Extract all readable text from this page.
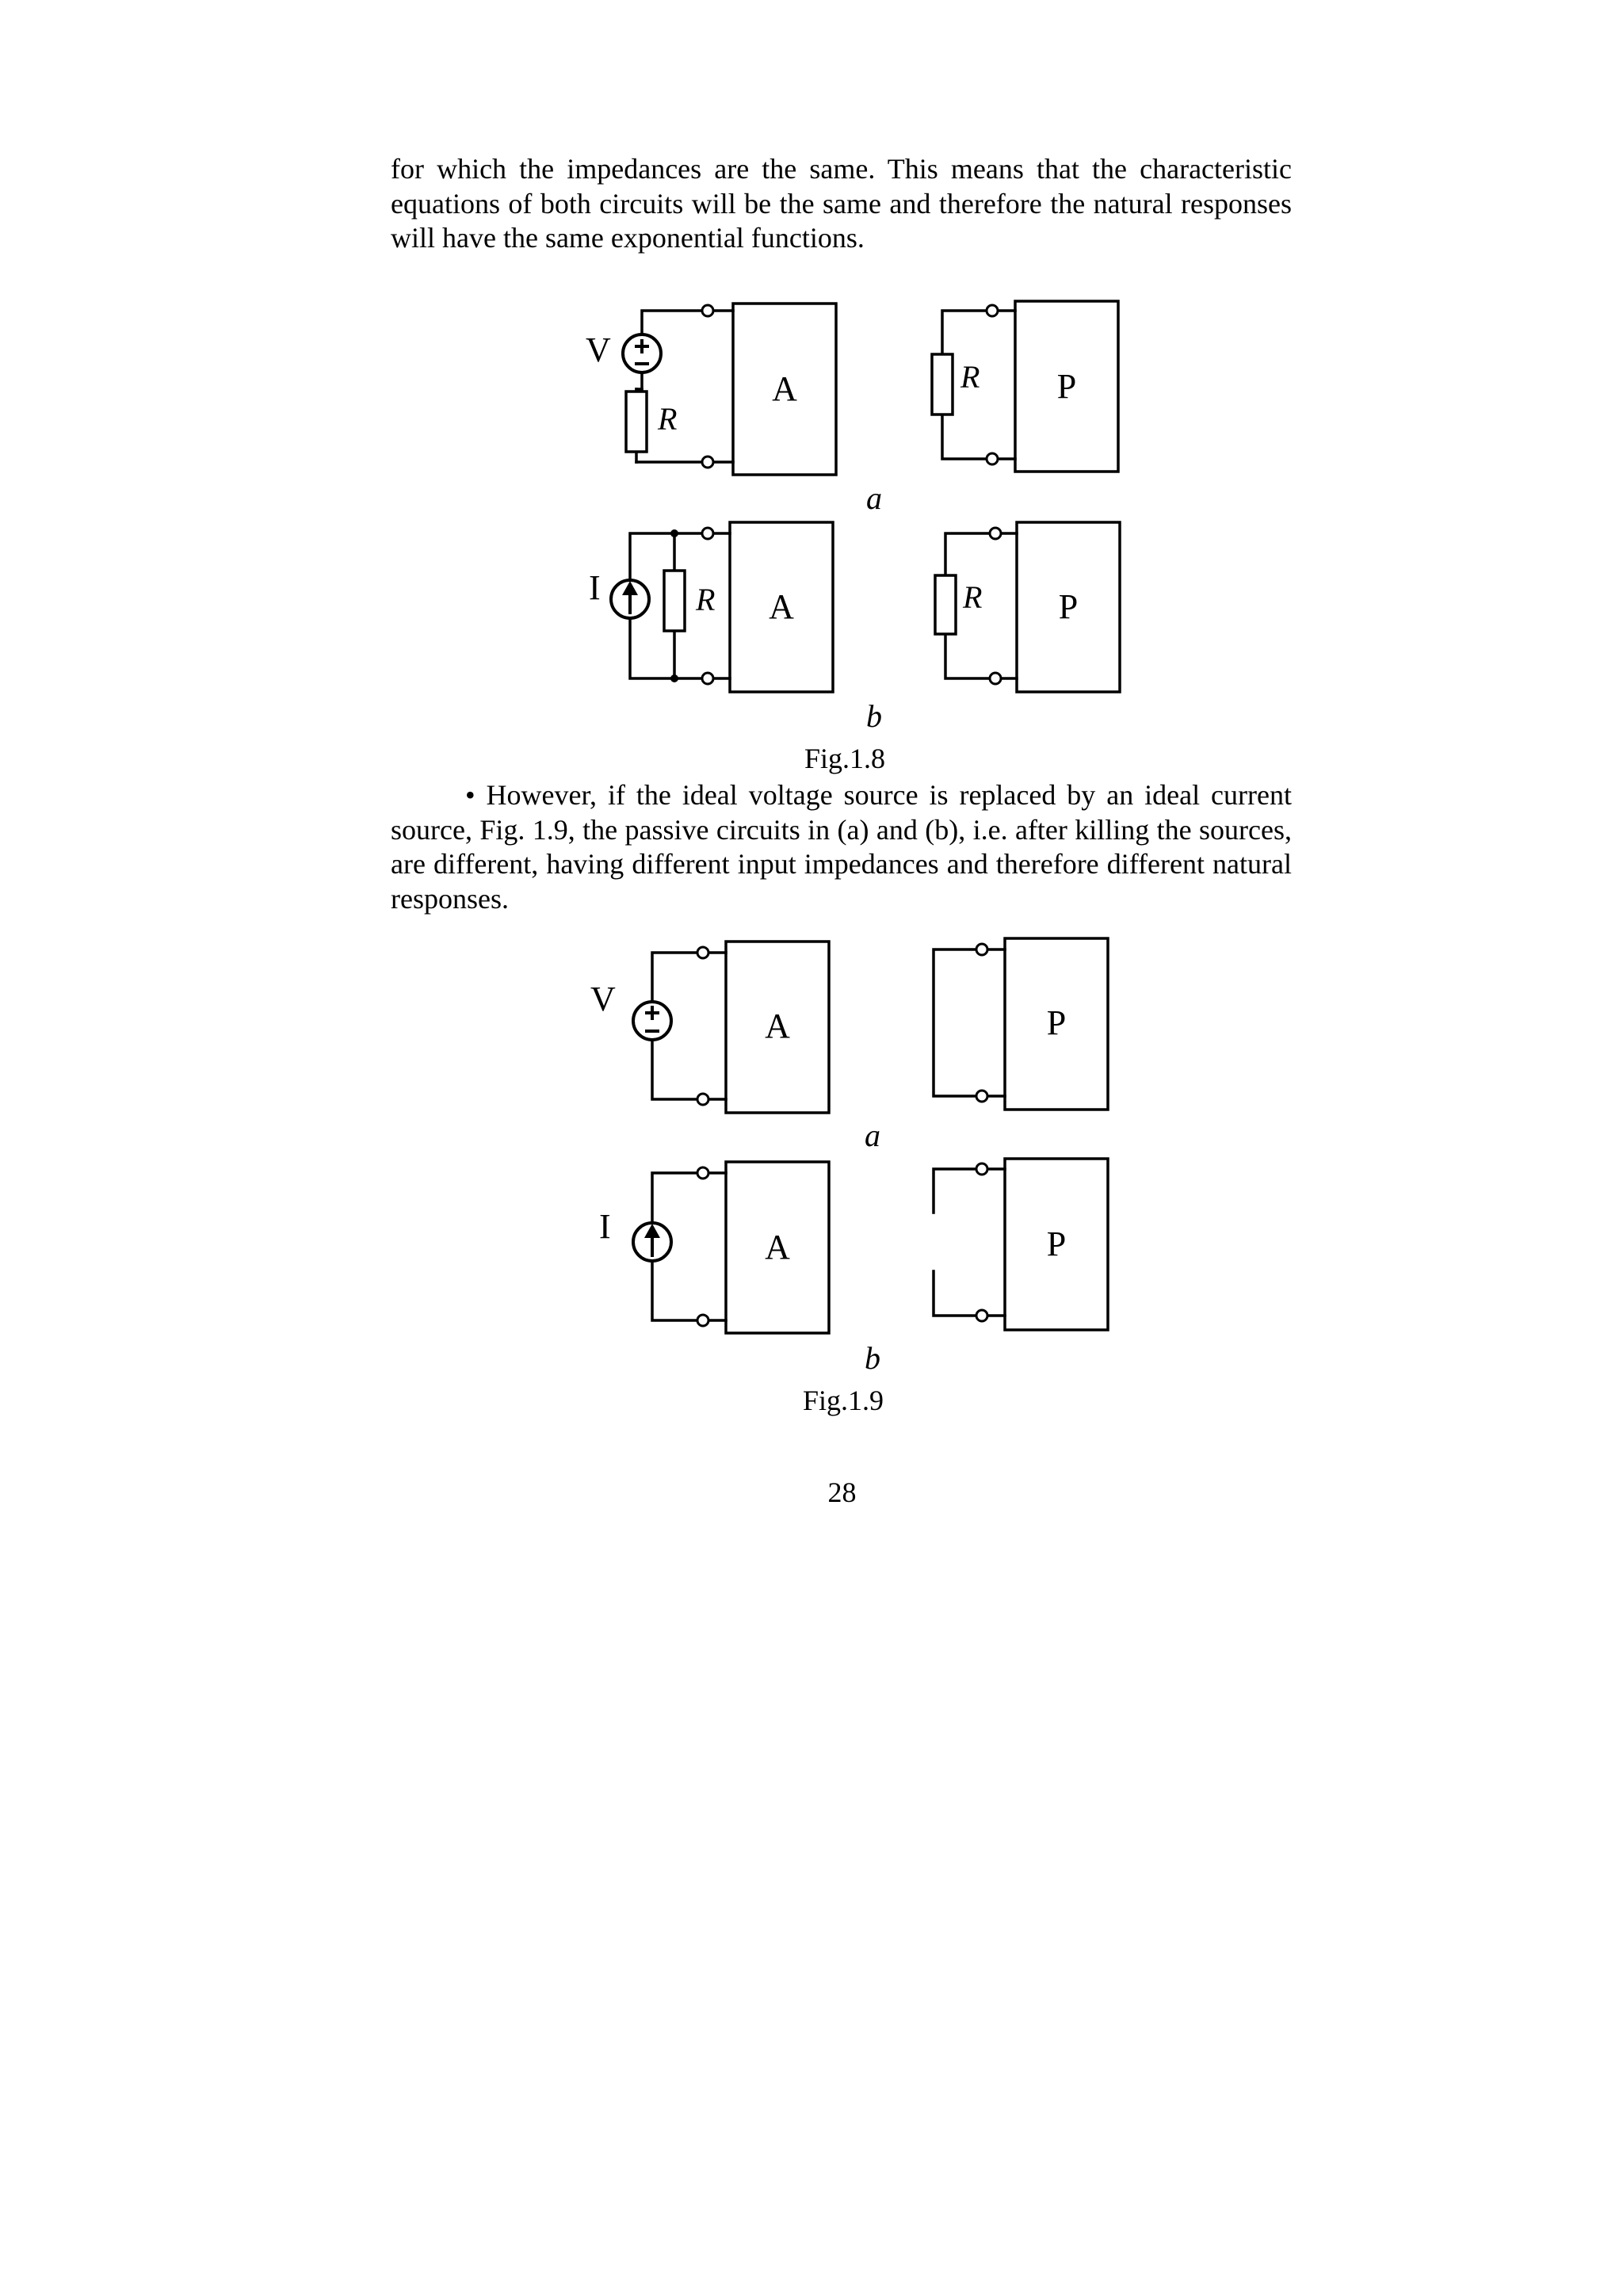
for which the impedances are the same. This means that the characteristic equations of both circuits will be the same and therefore the natural responses will have the same exponential functions.

V
R
A	R P
a
I	R A	R P
b
Fig.1.8
V
A	P
a
I
A	P
b
Fig.1.9

• However, if the ideal voltage source is replaced by an ideal current source, Fig. 1.9, the passive circuits in (a) and (b), i.e. after killing the sources, are different, having different input impedances and therefore different natural responses.

28
